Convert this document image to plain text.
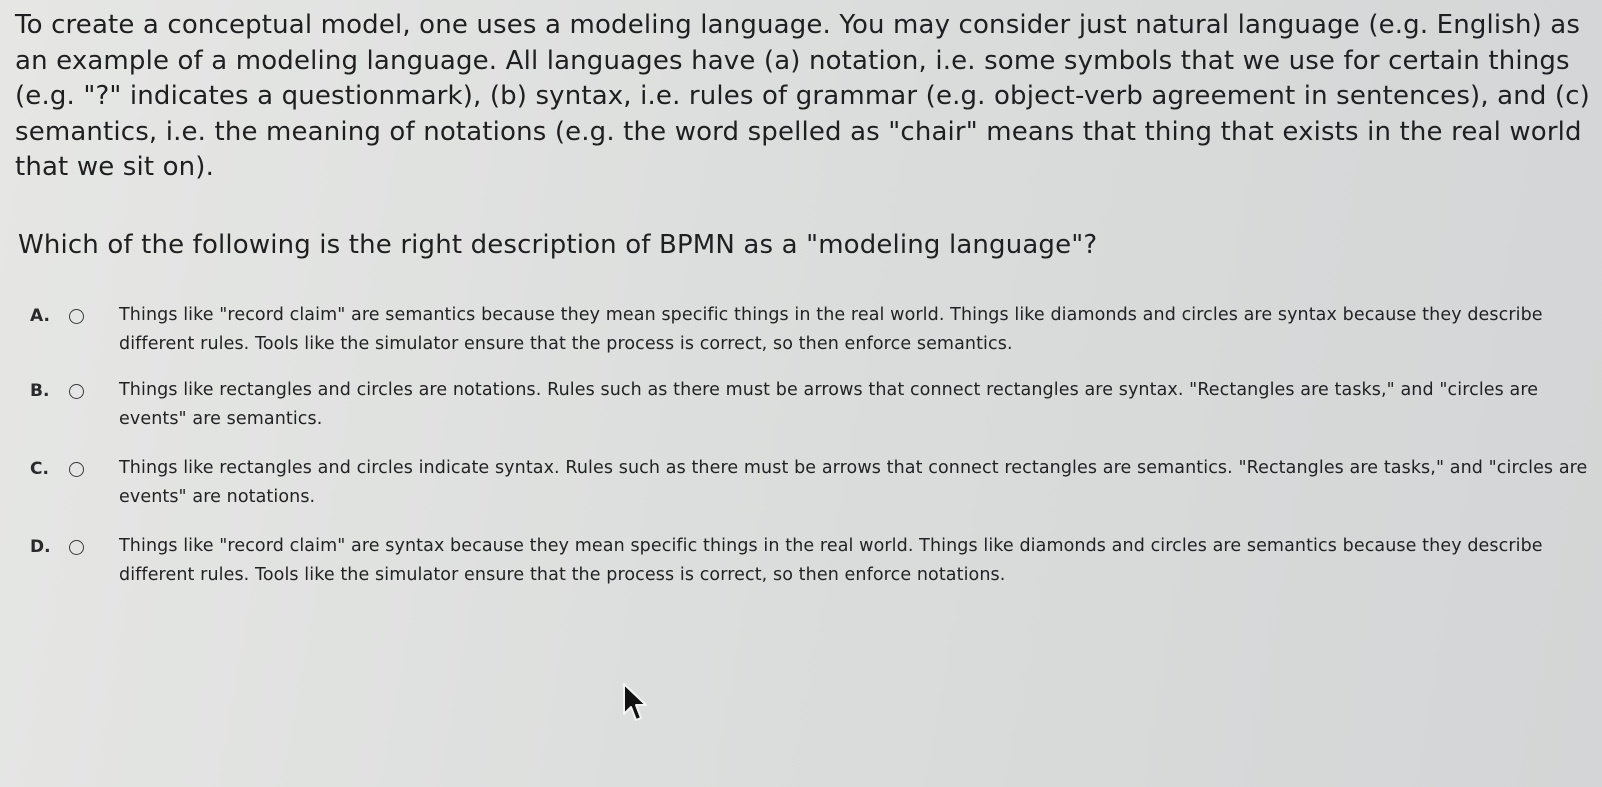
To create a conceptual model, one uses a modeling language. You may consider just natural language (e.g. English) as an example of a modeling language. All languages have (a) notation, i.e. some symbols that we use for certain things (e.g. "?" indicates a questionmark), (b) syntax, i.e. rules of grammar (e.g. object-verb agreement in sentences), and (c) semantics, i.e. the meaning of notations (e.g. the word spelled as "chair" means that thing that exists in the real world that we sit on).

Which of the following is the right description of BPMN as a "modeling language"?

A.	Things like "record claim" are semantics because they mean specific things in the real world. Things like diamonds and circles are syntax because they describe different rules. Tools like the simulator ensure that the process is correct, so then enforce semantics.
B.	Things like rectangles and circles are notations. Rules such as there must be arrows that connect rectangles are syntax. "Rectangles are tasks," and "circles are events" are semantics.
C.	Things like rectangles and circles indicate syntax. Rules such as there must be arrows that connect rectangles are semantics. "Rectangles are tasks," and "circles are events" are notations.
D.	Things like "record claim" are syntax because they mean specific things in the real world. Things like diamonds and circles are semantics because they describe different rules. Tools like the simulator ensure that the process is correct, so then enforce notations.
